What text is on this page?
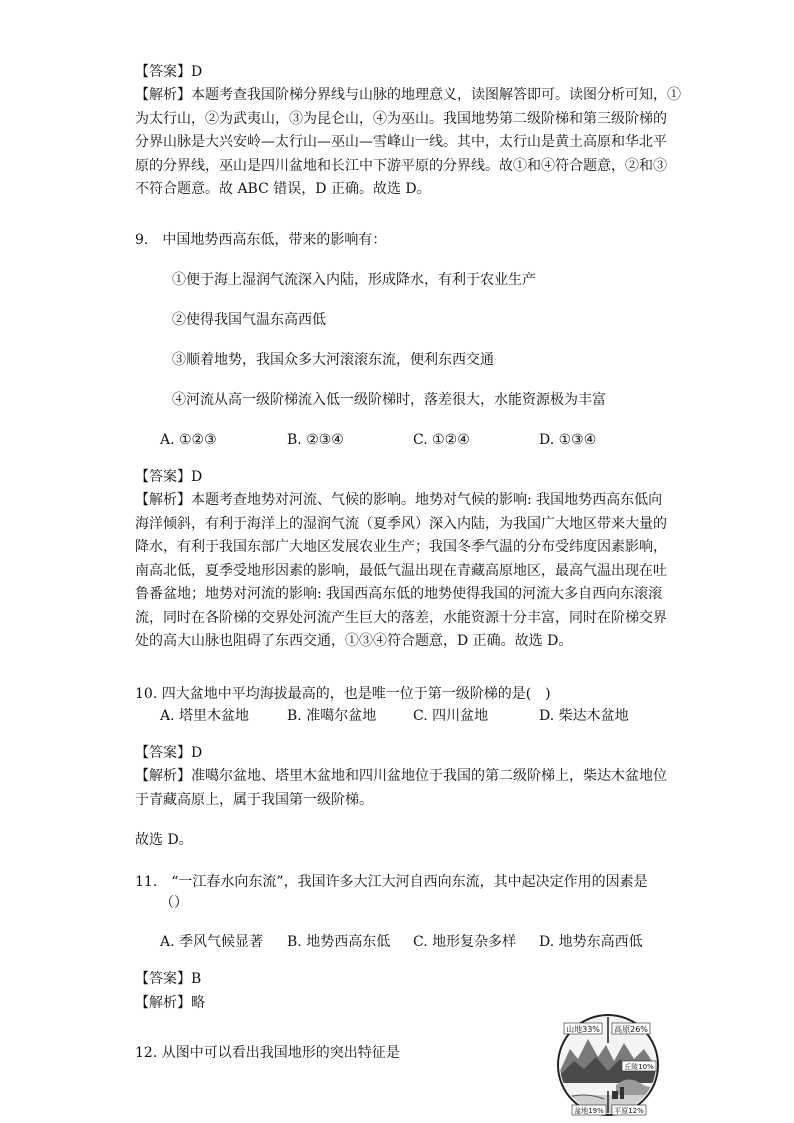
【答案】D
【解析】本题考查我国阶梯分界线与山脉的地理意义，读图解答即可。读图分析可知，①
为太行山，②为武夷山，③为昆仑山，④为巫山。我国地势第二级阶梯和第三级阶梯的
分界山脉是大兴安岭—太行山—巫山—雪峰山一线。其中，太行山是黄土高原和华北平
原的分界线，巫山是四川盆地和长江中下游平原的分界线。故①和④符合题意，②和③
不符合题意。故 ABC 错误，D 正确。故选 D。
9.　中国地势西高东低，带来的影响有：
①便于海上湿润气流深入内陆，形成降水，有利于农业生产
②使得我国气温东高西低
③顺着地势，我国众多大河滚滚东流，便利东西交通
④河流从高一级阶梯流入低一级阶梯时，落差很大，水能资源极为丰富
A. ①②③	B. ②③④	C. ①②④	D. ①③④
【答案】D
【解析】本题考查地势对河流、气候的影响。地势对气候的影响: 我国地势西高东低向
海洋倾斜，有利于海洋上的湿润气流（夏季风）深入内陆，为我国广大地区带来大量的
降水，有利于我国东部广大地区发展农业生产；我国冬季气温的分布受纬度因素影响，
南高北低，夏季受地形因素的影响，最低气温出现在青藏高原地区，最高气温出现在吐
鲁番盆地；地势对河流的影响: 我国西高东低的地势使得我国的河流大多自西向东滚滚
流，同时在各阶梯的交界处河流产生巨大的落差，水能资源十分丰富，同时在阶梯交界
处的高大山脉也阻碍了东西交通，①③④符合题意，D 正确。故选 D。
10. 四大盆地中平均海拔最高的，也是唯一位于第一级阶梯的是(　)
A. 塔里木盆地	B. 准噶尔盆地	C. 四川盆地	D. 柴达木盆地
【答案】D
【解析】准噶尔盆地、塔里木盆地和四川盆地位于我国的第二级阶梯上，柴达木盆地位
于青藏高原上，属于我国第一级阶梯。
故选 D。
11.　“一江春水向东流”，我国许多大江大河自西向东流，其中起决定作用的因素是
（）
A. 季风气候显著 B. 地势西高东低 C. 地形复杂多样 D. 地势东高西低
【答案】B
【解析】略
12. 从图中可以看出我国地形的突出特征是
山地33% 高原26%
丘陵10%
盆地19% 平原12%
